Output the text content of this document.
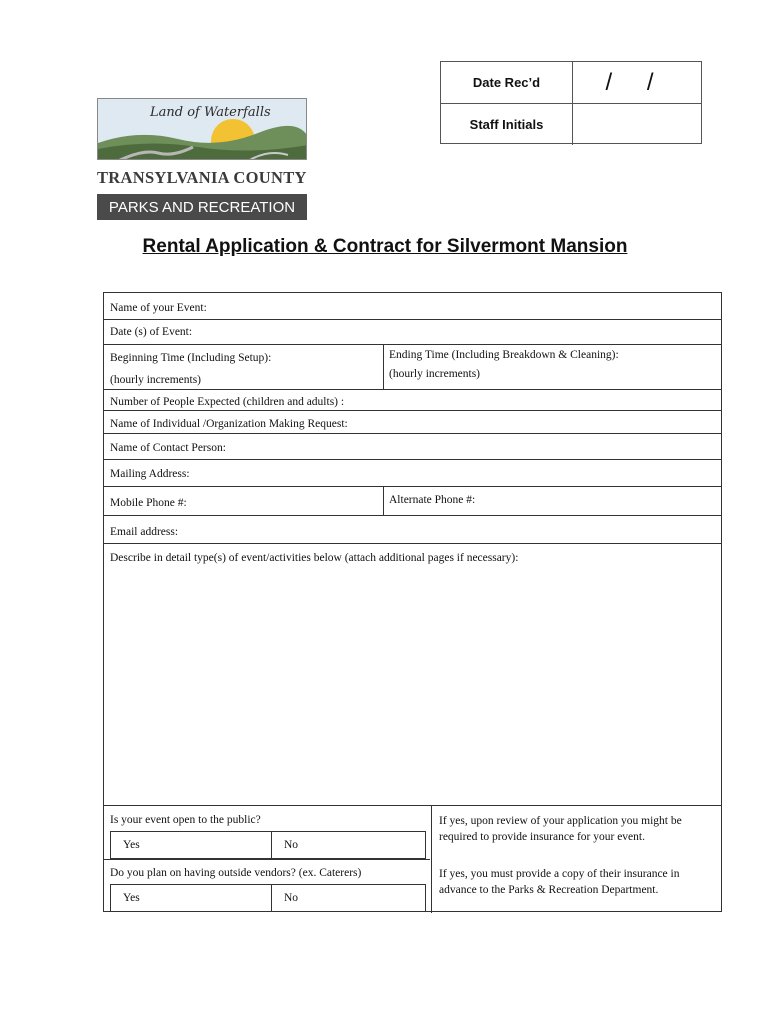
Date Rec’d	/ /
Staff Initials
Land of Waterfalls
TRANSYLVANIA COUNTY
PARKS AND RECREATION
Rental Application & Contract for Silvermont Mansion
Name of your Event:
Date (s) of Event:
Beginning Time (Including Setup):
(hourly increments)
Ending Time (Including Breakdown & Cleaning):
(hourly increments)
Number of People Expected (children and adults) :
Name of Individual /Organization Making Request:
Name of Contact Person:
Mailing Address:
Mobile Phone #:	Alternate Phone #:
Email address:
Describe in detail type(s) of event/activities below (attach additional pages if necessary):
Is your event open to the public?
Yes	No
If yes, upon review of your application you might be required to provide insurance for your event.
Do you plan on having outside vendors? (ex. Caterers)
Yes	No
If yes, you must provide a copy of their insurance in advance to the Parks & Recreation Department.
